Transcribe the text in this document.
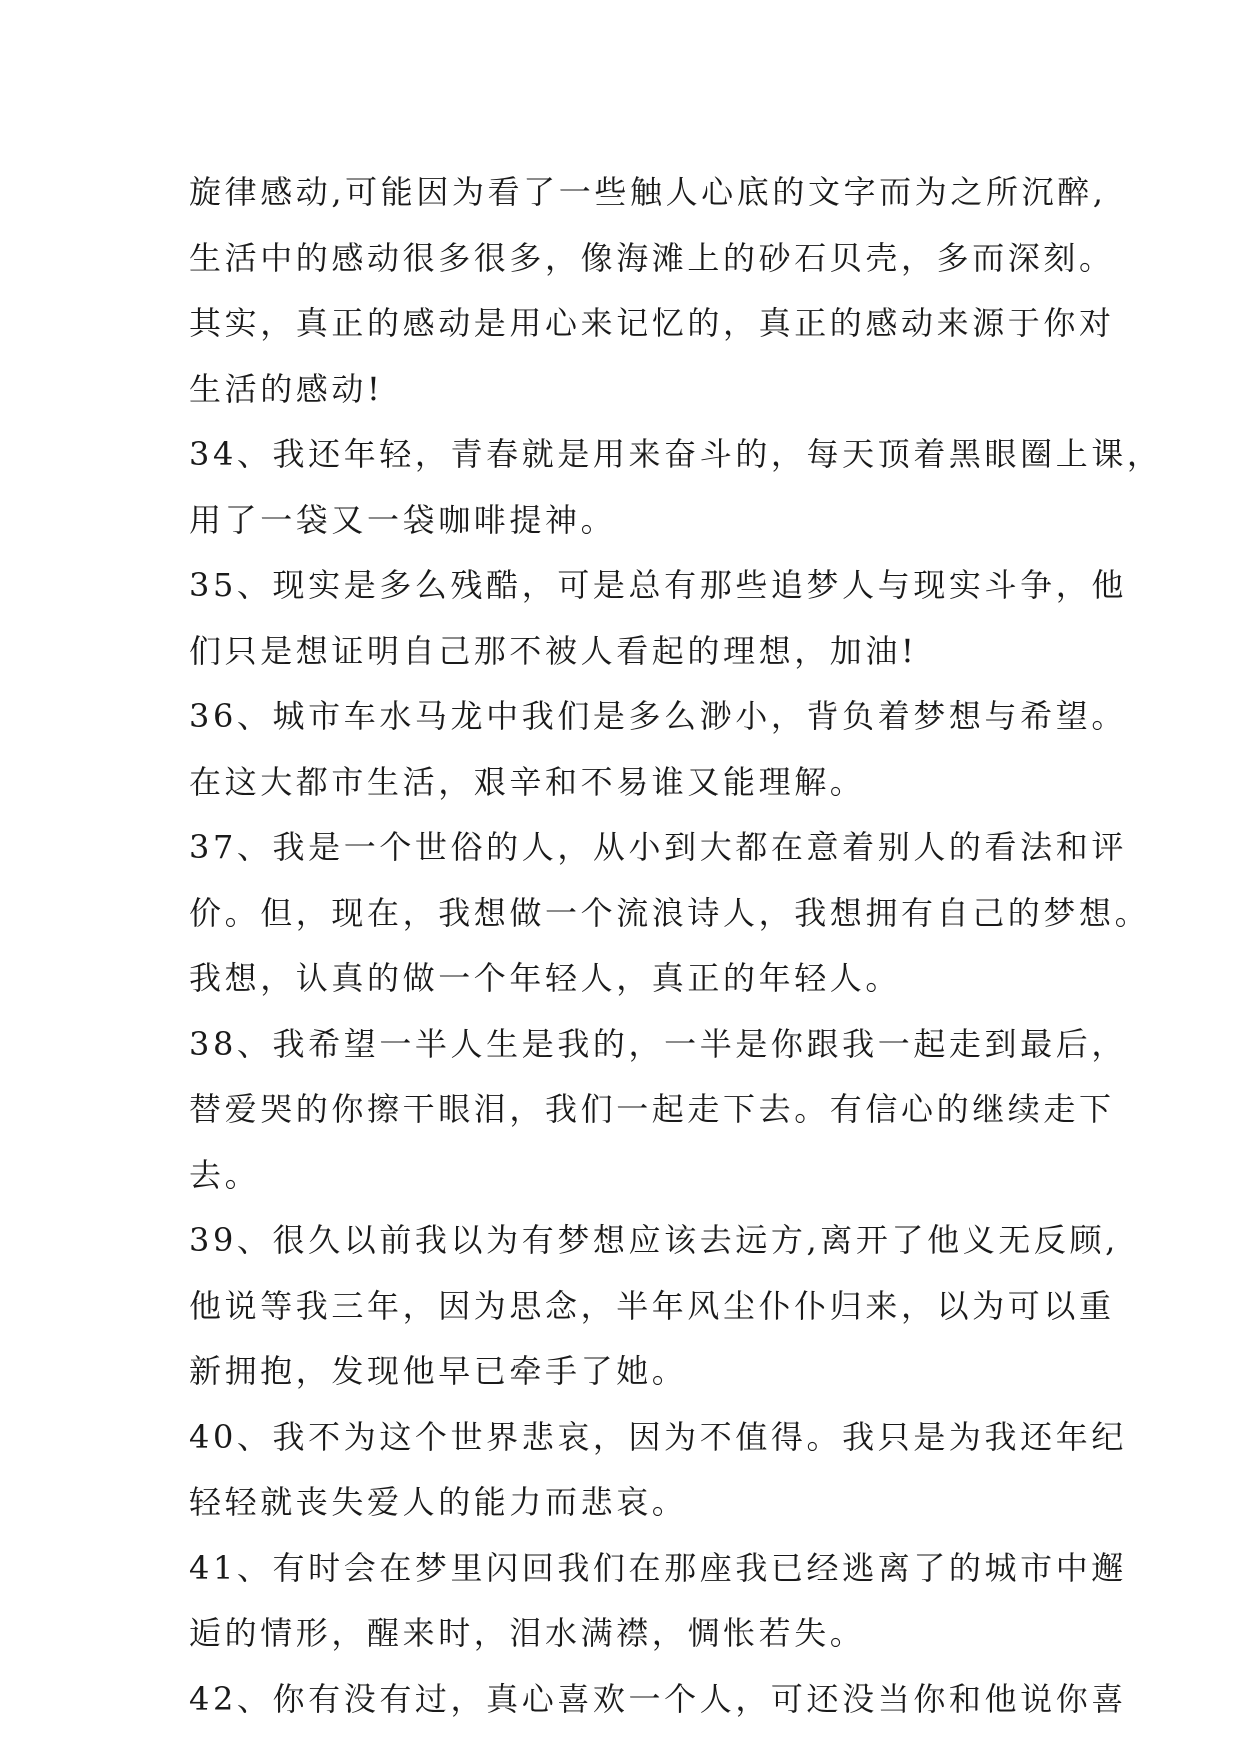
旋律感动,可能因为看了一些触人心底的文字而为之所沉醉,
生活中的感动很多很多，像海滩上的砂石贝壳，多而深刻。
其实，真正的感动是用心来记忆的，真正的感动来源于你对
生活的感动!
34、我还年轻，青春就是用来奋斗的，每天顶着黑眼圈上课，
用了一袋又一袋咖啡提神。
35、现实是多么残酷，可是总有那些追梦人与现实斗争，他
们只是想证明自己那不被人看起的理想，加油!
36、城市车水马龙中我们是多么渺小，背负着梦想与希望。
在这大都市生活，艰辛和不易谁又能理解。
37、我是一个世俗的人，从小到大都在意着别人的看法和评
价。但，现在，我想做一个流浪诗人，我想拥有自己的梦想。
我想，认真的做一个年轻人，真正的年轻人。
38、我希望一半人生是我的，一半是你跟我一起走到最后，
替爱哭的你擦干眼泪，我们一起走下去。有信心的继续走下
去。
39、很久以前我以为有梦想应该去远方,离开了他义无反顾,
他说等我三年，因为思念，半年风尘仆仆归来，以为可以重
新拥抱，发现他早已牵手了她。
40、我不为这个世界悲哀，因为不值得。我只是为我还年纪
轻轻就丧失爱人的能力而悲哀。
41、有时会在梦里闪回我们在那座我已经逃离了的城市中邂
逅的情形，醒来时，泪水满襟，惆怅若失。
42、你有没有过，真心喜欢一个人，可还没当你和他说你喜
